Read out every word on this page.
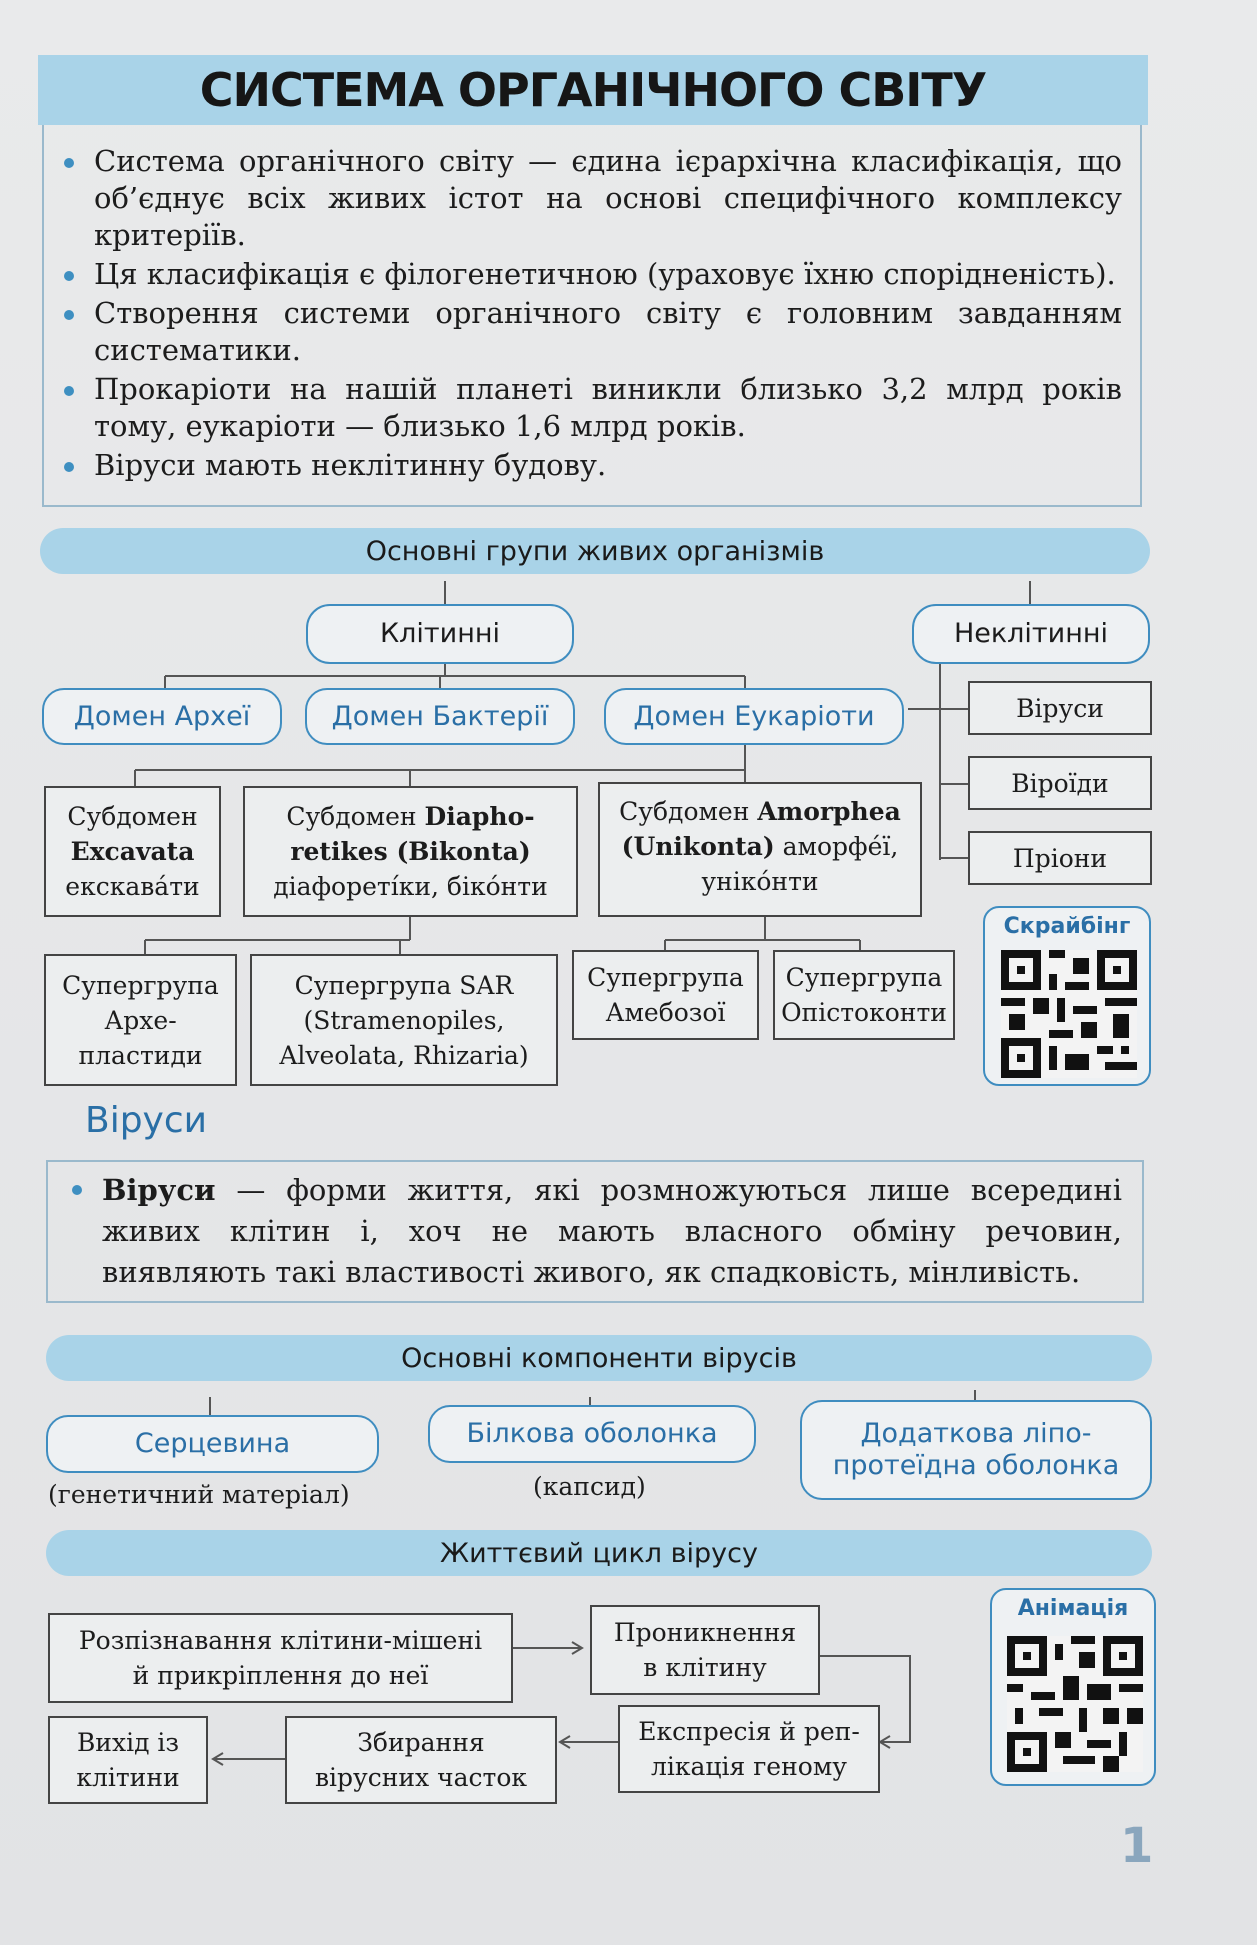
СИСТЕМА ОРГАНІЧНОГО СВІТУ
Система органічного світу — єдина ієрархічна класифікація, що об’єднує всіх живих істот на основі специфічного комплексу критеріїв.
Ця класифікація є філогенетичною (ураховує їхню спорідненість).
Створення системи органічного світу є головним завданням систематики.
Прокаріоти на нашій планеті виникли близько 3,2 млрд років тому, еукаріоти — близько 1,6 млрд років.
Віруси мають неклітинну будову.
Основні групи живих організмів
Клітинні	Неклітинні
Домен Археї	Домен Бактерії	Домен Еукаріоти	Віруси
Віроїди
Пріони
Субдомен
Excavata
екскавáти
Субдомен Diapho-
retikes (Bikonta)
діафоретíки, бікóнти
Субдомен Amorphea
(Unikonta) аморфéї,
унікóнти
Супергрупа
Архе-
пластиди
Супергрупа SAR
(Stramenopiles,
Alveolata, Rhizaria)
Супергрупа
Амебозої
Супергрупа
Опістоконти
Скрайбінг
Віруси
Віруси — форми життя, які розмножуються лише всередині живих клітин і, хоч не мають власного обміну речовин, виявляють такі властивості живого, як спадковість, мінливість.
Основні компоненти вірусів
Серцевина
(генетичний матеріал)
Білкова оболонка
(капсид)
Додаткова ліпо-
протеїдна оболонка
Життєвий цикл вірусу
Розпізнавання клітини-мішені
й прикріплення до неї
Проникнення
в клітину
Експресія й реп-
лікація геному
Збирання
вірусних часток
Вихід із
клітини
Анімація
1
